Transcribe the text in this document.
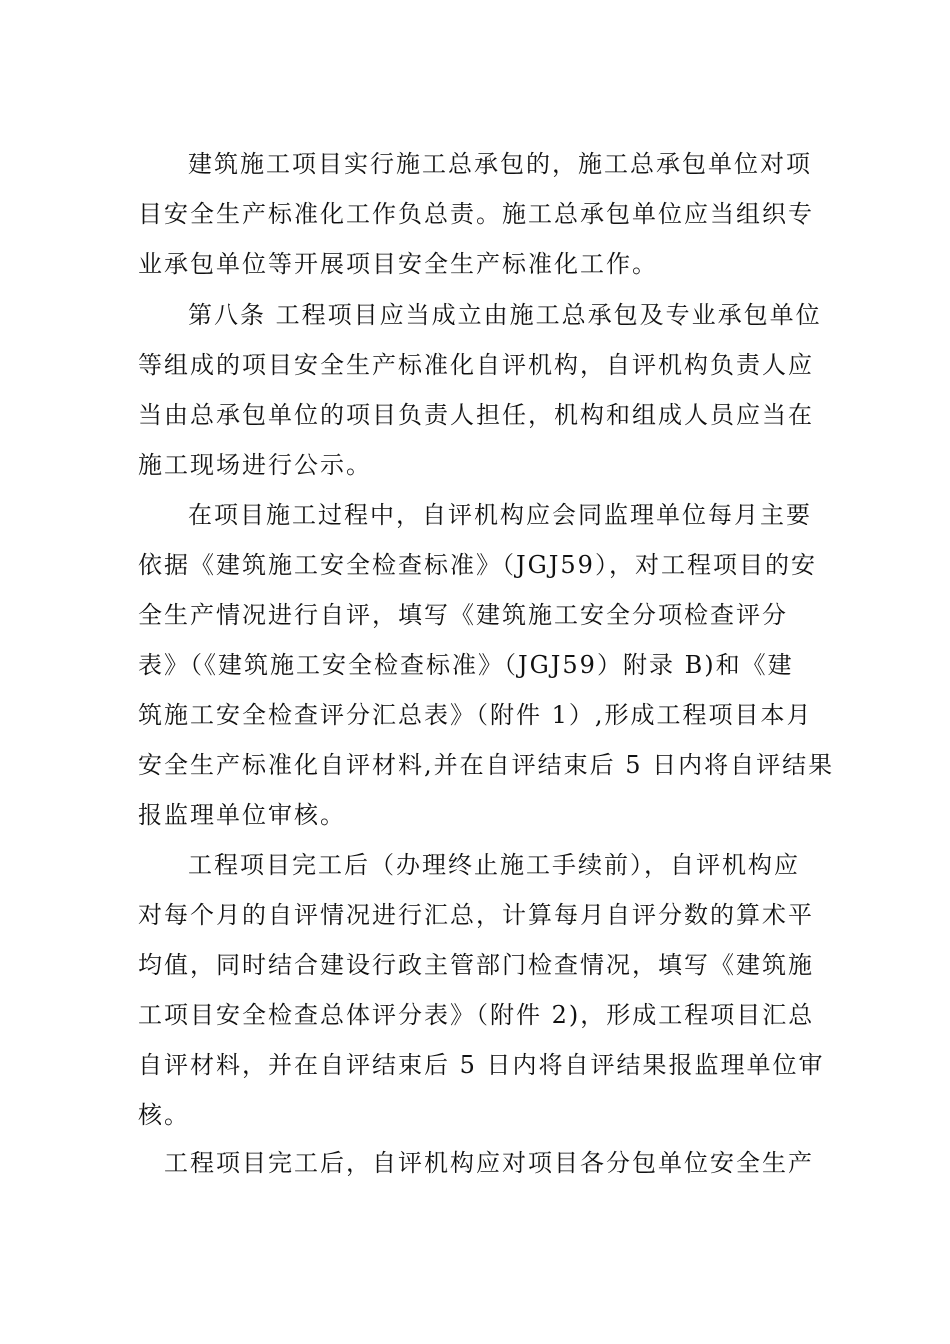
建筑施工项目实行施工总承包的，施工总承包单位对项
目安全生产标准化工作负总责。施工总承包单位应当组织专
业承包单位等开展项目安全生产标准化工作。
第八条 工程项目应当成立由施工总承包及专业承包单位
等组成的项目安全生产标准化自评机构，自评机构负责人应
当由总承包单位的项目负责人担任，机构和组成人员应当在
施工现场进行公示。
在项目施工过程中，自评机构应会同监理单位每月主要
依据《建筑施工安全检查标准》（JGJ59），对工程项目的安
全生产情况进行自评，填写《建筑施工安全分项检查评分
表》（《建筑施工安全检查标准》（JGJ59）附录 B)和《建
筑施工安全检查评分汇总表》（附件 1）,形成工程项目本月
安全生产标准化自评材料,并在自评结束后 5 日内将自评结果
报监理单位审核。
工程项目完工后（办理终止施工手续前），自评机构应
对每个月的自评情况进行汇总，计算每月自评分数的算术平
均值，同时结合建设行政主管部门检查情况，填写《建筑施
工项目安全检查总体评分表》（附件 2)，形成工程项目汇总
自评材料，并在自评结束后 5 日内将自评结果报监理单位审
核。
工程项目完工后，自评机构应对项目各分包单位安全生产
